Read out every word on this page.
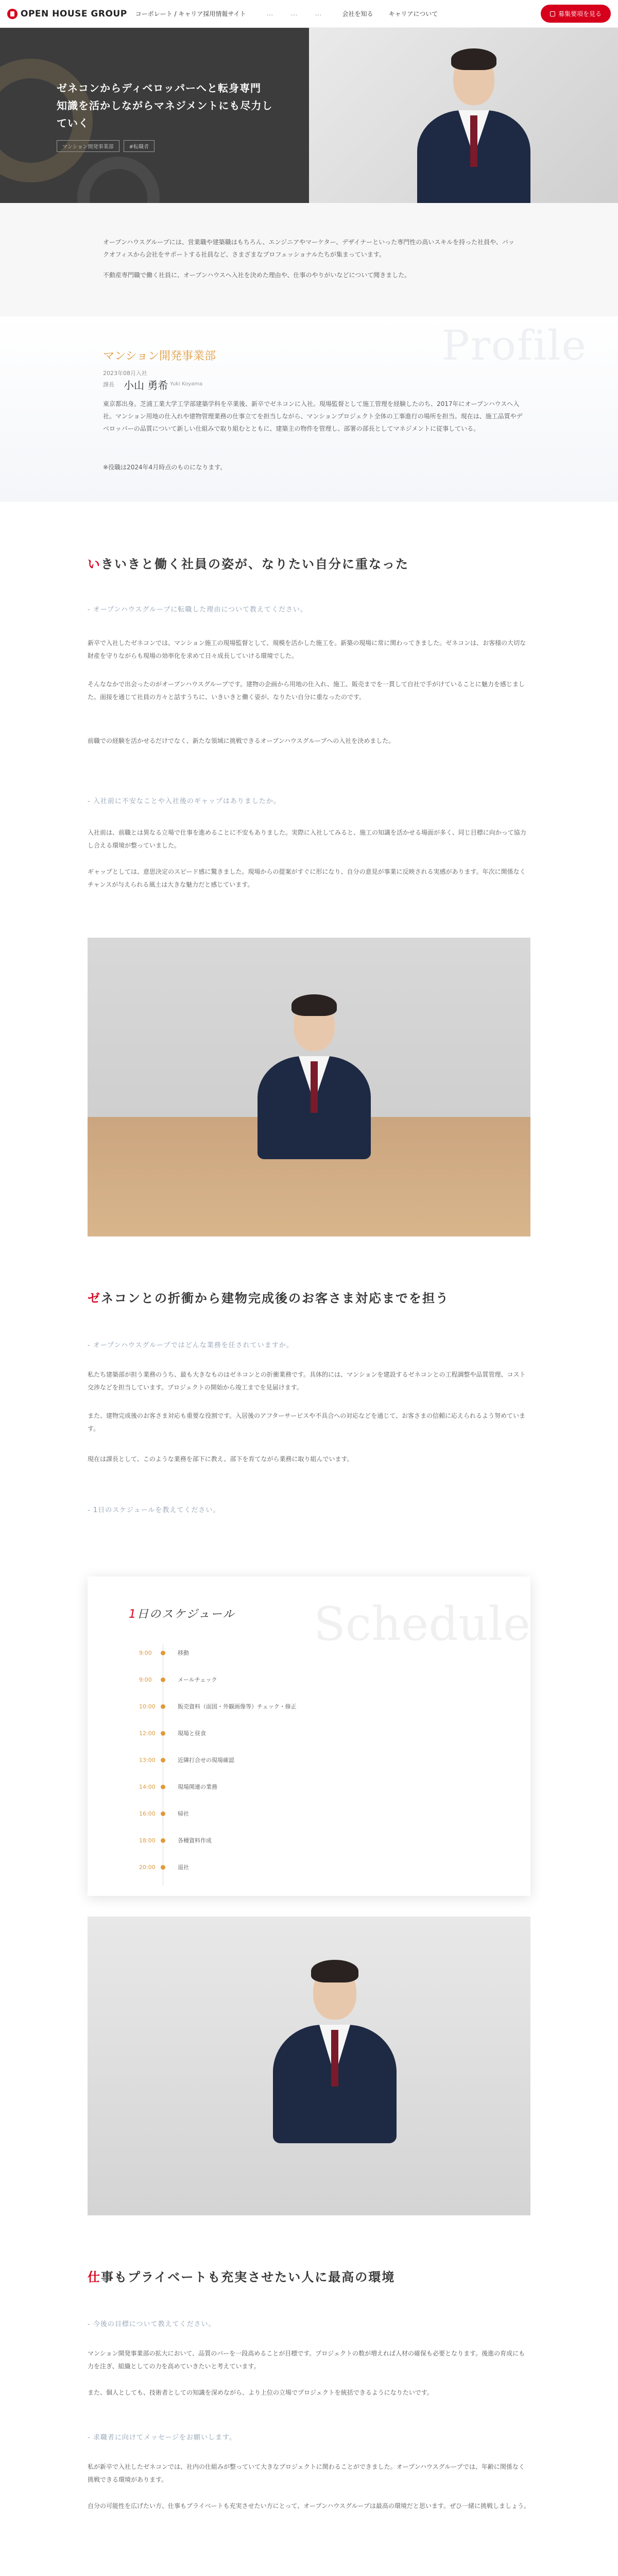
OPEN HOUSE GROUP コーポレート / キャリア採用情報サイト	…	…	…	会社を知る	キャリアについて	募集要項を見る
ゼネコンからディベロッパーへと転身専門
知識を活かしながらマネジメントにも尽力し
ていく
マンション開発事業部	#転職者

オープンハウスグループには、営業職や建築職はもちろん、エンジニアやマーケター、デザイナーといった専門性の高いスキルを持った社員や、バックオフィスから会社をサポートする社員など、さまざまなプロフェッショナルたちが集まっています。

不動産専門職で働く社員に、オープンハウスへ入社を決めた理由や、仕事のやりがいなどについて聞きました。

Profile
マンション開発事業部
2023年08月入社
課長 小山 勇希 Yuki Koyama
東京都出身。芝浦工業大学工学部建築学科を卒業後、新卒でゼネコンに入社。現場監督として施工管理を経験したのち、2017年にオープンハウスへ入社。マンション用地の仕入れや建物管理業務の仕事立てを担当しながら、マンションプロジェクト全体の工事進行の場所を担当。現在は、施工品質やデベロッパーの品質について新しい仕組みで取り組むとともに、建築主の物件を管理し、部署の部長としてマネジメントに従事している。
※役職は2024年4月時点のものになります。
いきいきと働く社員の姿が、なりたい自分に重なった
- オープンハウスグループに転職した理由について教えてください。

新卒で入社したゼネコンでは、マンション施工の現場監督として、規模を活かした施工を。新築の現場に常に関わってきました。ゼネコンは、お客様の大切な財産を守りながらも現場の効率化を求めて日々成長していける環境でした。

そんななかで出会ったのがオープンハウスグループです。建物の企画から用地の仕入れ、施工、販売までを一貫して自社で手がけていることに魅力を感じました。面接を通じて社員の方々と話すうちに、いきいきと働く姿が、なりたい自分に重なったのです。

前職での経験を活かせるだけでなく、新たな領域に挑戦できるオープンハウスグループへの入社を決めました。

- 入社前に不安なことや入社後のギャップはありましたか。

入社前は、前職とは異なる立場で仕事を進めることに不安もありました。実際に入社してみると、施工の知識を活かせる場面が多く、同じ目標に向かって協力し合える環境が整っていました。

ギャップとしては、意思決定のスピード感に驚きました。現場からの提案がすぐに形になり、自分の意見が事業に反映される実感があります。年次に関係なくチャンスが与えられる風土は大きな魅力だと感じています。

ゼネコンとの折衝から建物完成後のお客さま対応までを担う
- オープンハウスグループではどんな業務を任されていますか。

私たち建築部が担う業務のうち、最も大きなものはゼネコンとの折衝業務です。具体的には、マンションを建設するゼネコンとの工程調整や品質管理、コスト交渉などを担当しています。プロジェクトの開始から竣工までを見届けます。

また、建物完成後のお客さま対応も重要な役割です。入居後のアフターサービスや不具合への対応などを通じて、お客さまの信頼に応えられるよう努めています。

現在は課長として、このような業務を部下に教え、部下を育てながら業務に取り組んでいます。

- 1日のスケジュールを教えてください。
Schedule
1日のスケジュール
9:00	移動
9:00	メールチェック
10:00	販売資料（面図・外観画像等）チェック・修正
12:00	現場と昼食
13:00	近隣打合せの現場確認
14:00	現場関連の業務
16:00	帰社
18:00	各種資料作成
20:00	退社
仕事もプライベートも充実させたい人に最高の環境
- 今後の目標について教えてください。

マンション開発事業部の拡大において、品質のバーを一段高めることが目標です。プロジェクトの数が増えれば人材の確保も必要となります。後進の育成にも力を注ぎ、組織としての力を高めていきたいと考えています。

また、個人としても、技術者としての知識を深めながら、より上位の立場でプロジェクトを統括できるようになりたいです。

- 求職者に向けてメッセージをお願いします。

私が新卒で入社したゼネコンでは、社内の仕組みが整っていて大きなプロジェクトに関わることができました。オープンハウスグループでは、年齢に関係なく挑戦できる環境があります。

自分の可能性を広げたい方、仕事もプライベートも充実させたい方にとって、オープンハウスグループは最高の環境だと思います。ぜひ一緒に挑戦しましょう。
